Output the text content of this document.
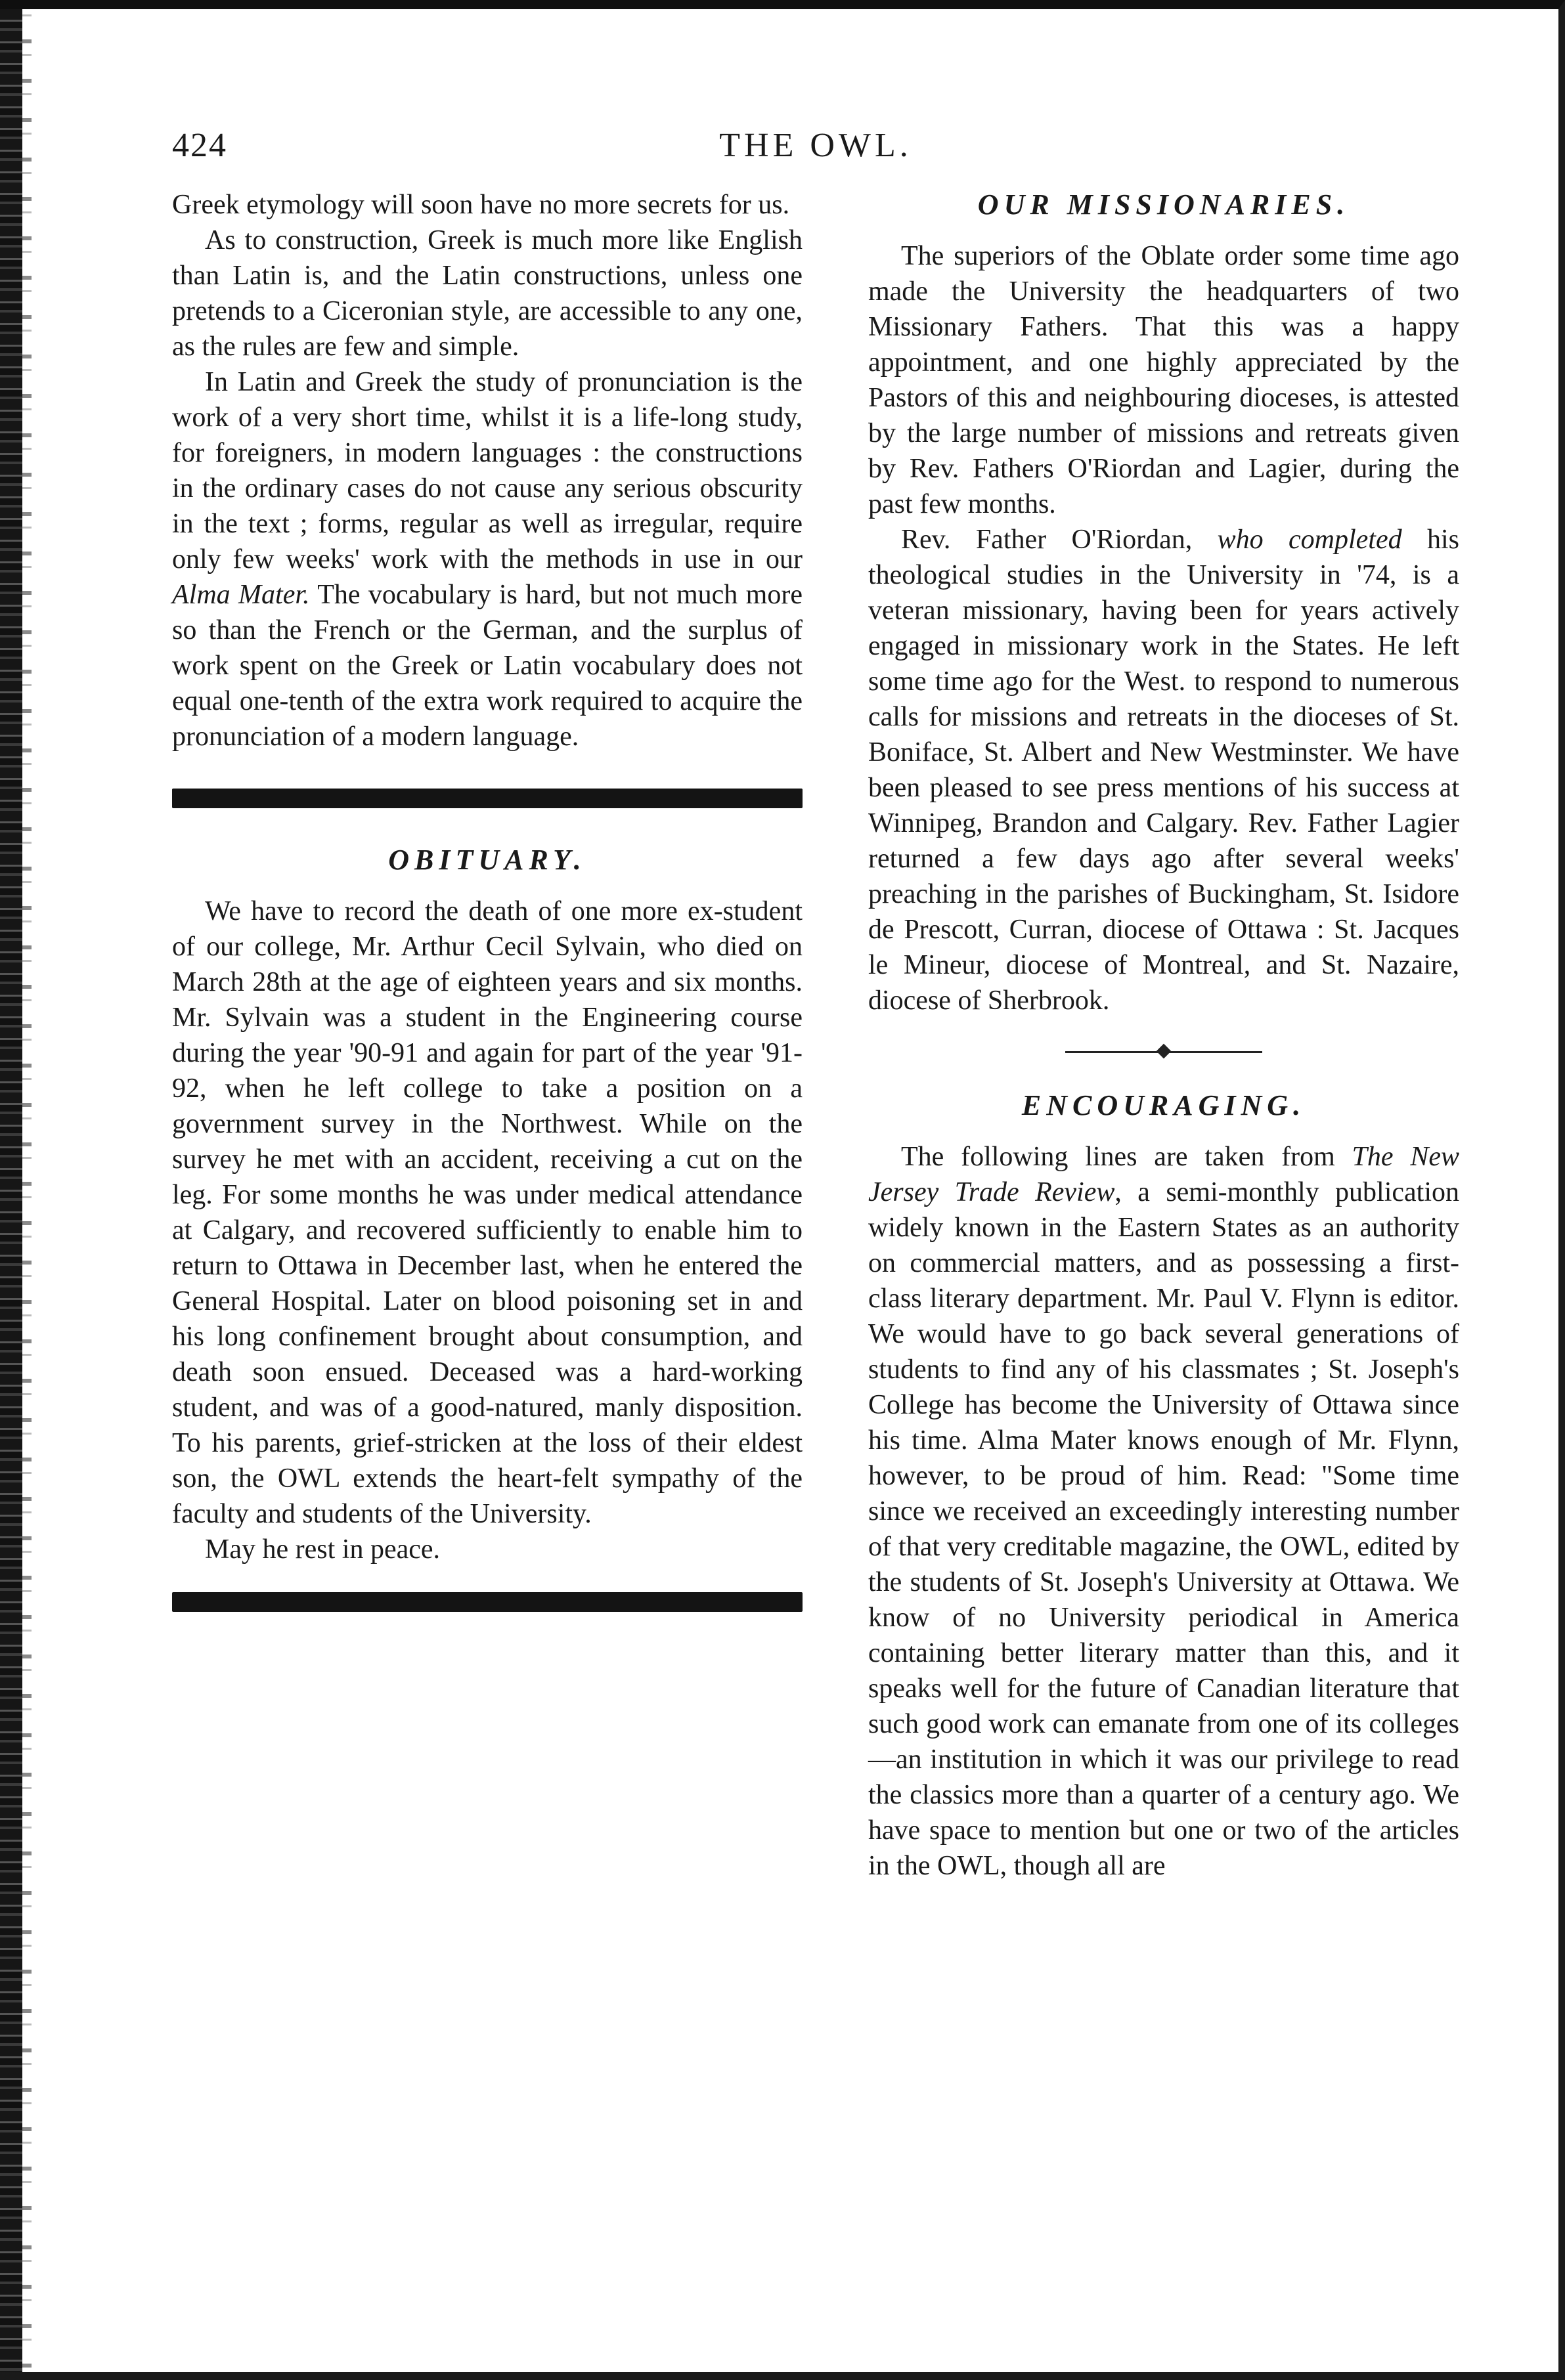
424	THE OWL.

Greek etymology will soon have no more secrets for us.

As to construction, Greek is much more like English than Latin is, and the Latin constructions, unless one pretends to a Ciceronian style, are accessible to any one, as the rules are few and simple.

In Latin and Greek the study of pronunciation is the work of a very short time, whilst it is a life-long study, for foreigners, in modern languages : the constructions in the ordinary cases do not cause any serious obscurity in the text ; forms, regular as well as irregular, require only few weeks' work with the methods in use in our Alma Mater. The vocabulary is hard, but not much more so than the French or the German, and the surplus of work spent on the Greek or Latin vocabulary does not equal one-tenth of the extra work required to acquire the pronunciation of a modern language.

OBITUARY.

We have to record the death of one more ex-student of our college, Mr. Arthur Cecil Sylvain, who died on March 28th at the age of eighteen years and six months. Mr. Sylvain was a student in the Engineering course during the year '90-91 and again for part of the year '91-92, when he left college to take a position on a government survey in the Northwest. While on the survey he met with an accident, receiving a cut on the leg. For some months he was under medical attendance at Calgary, and recovered sufficiently to enable him to return to Ottawa in December last, when he entered the General Hospital. Later on blood poisoning set in and his long confinement brought about consumption, and death soon ensued. Deceased was a hard-working student, and was of a good-natured, manly disposition. To his parents, grief-stricken at the loss of their eldest son, the OWL extends the heart-felt sympathy of the faculty and students of the University.

May he rest in peace.

OUR MISSIONARIES.

The superiors of the Oblate order some time ago made the University the headquarters of two Missionary Fathers. That this was a happy appointment, and one highly appreciated by the Pastors of this and neighbouring dioceses, is attested by the large number of missions and retreats given by Rev. Fathers O'Riordan and Lagier, during the past few months.

Rev. Father O'Riordan, who completed his theological studies in the University in '74, is a veteran missionary, having been for years actively engaged in missionary work in the States. He left some time ago for the West. to respond to numerous calls for missions and retreats in the dioceses of St. Boniface, St. Albert and New Westminster. We have been pleased to see press mentions of his success at Winnipeg, Brandon and Calgary. Rev. Father Lagier returned a few days ago after several weeks' preaching in the parishes of Buckingham, St. Isidore de Prescott, Curran, diocese of Ottawa : St. Jacques le Mineur, diocese of Montreal, and St. Nazaire, diocese of Sherbrook.

ENCOURAGING.

The following lines are taken from The New Jersey Trade Review, a semi-monthly publication widely known in the Eastern States as an authority on commercial matters, and as possessing a first-class literary department. Mr. Paul V. Flynn is editor. We would have to go back several generations of students to find any of his classmates ; St. Joseph's College has become the University of Ottawa since his time. Alma Mater knows enough of Mr. Flynn, however, to be proud of him. Read: "Some time since we received an exceedingly interesting number of that very creditable magazine, the OWL, edited by the students of St. Joseph's University at Ottawa. We know of no University periodical in America containing better literary matter than this, and it speaks well for the future of Canadian literature that such good work can emanate from one of its colleges—an institution in which it was our privilege to read the classics more than a quarter of a century ago. We have space to mention but one or two of the articles in the OWL, though all are
